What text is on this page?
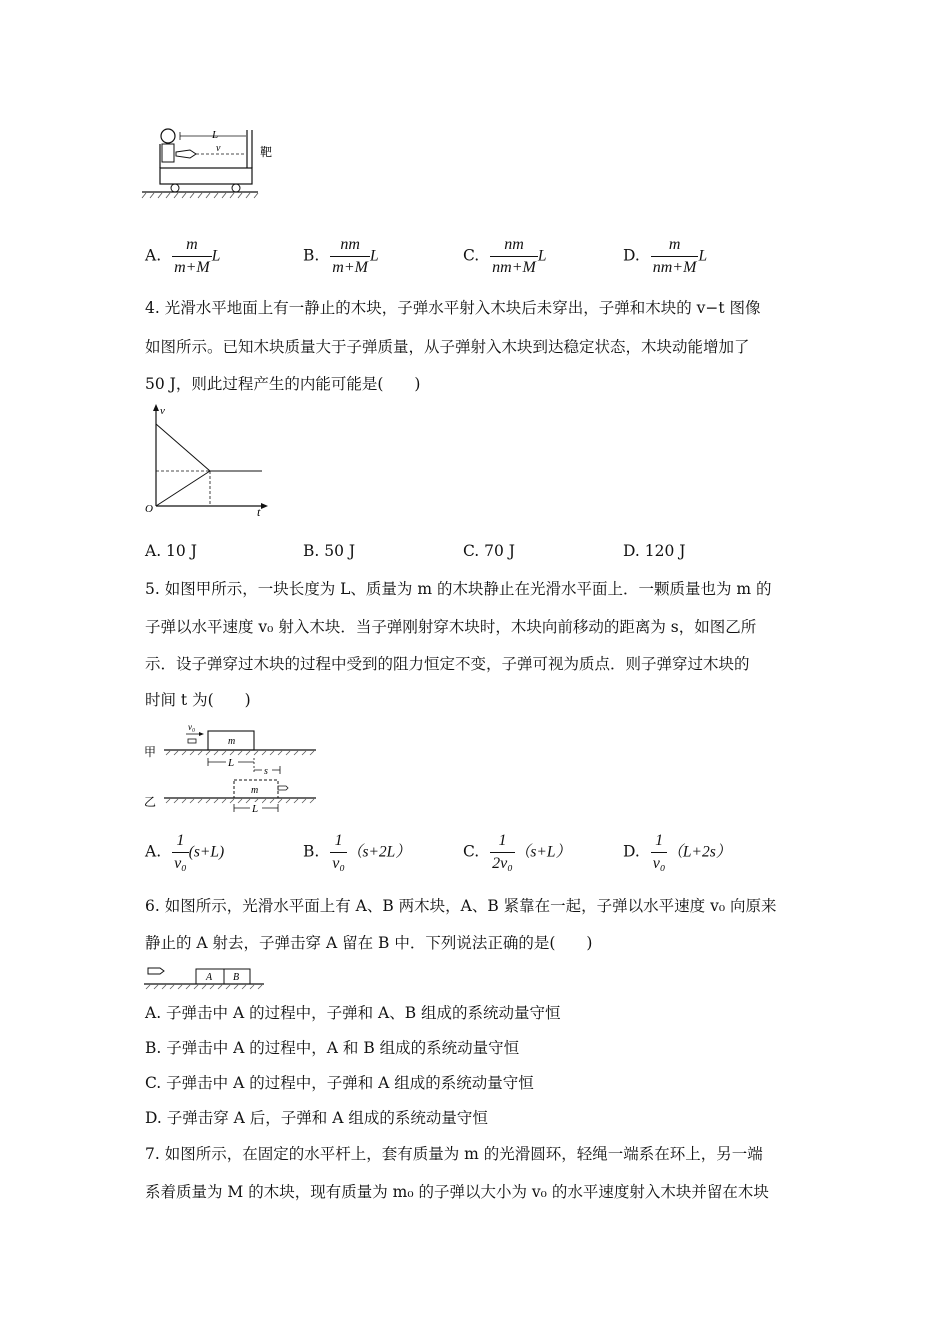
L
v	靶
A. $\frac{m}{m+M}$ L	B. $\frac{nm}{m+M}$ L	C. $\frac{nm}{nm+M}$ L	D. $\frac{m}{nm+M}$ L
4. 光滑水平地面上有一静止的木块，子弹水平射入木块后未穿出，子弹和木块的 v−t 图像
如图所示。已知木块质量大于子弹质量，从子弹射入木块到达稳定状态，木块动能增加了
50 J，则此过程产生的内能可能是(　　)
v
t
O
A. 10 J	B. 50 J	C. 70 J	D. 120 J
5. 如图甲所示，一块长度为 L、质量为 m 的木块静止在光滑水平面上．一颗质量也为 m 的
子弹以水平速度 v₀ 射入木块．当子弹刚射穿木块时，木块向前移动的距离为 s，如图乙所
示．设子弹穿过木块的过程中受到的阻力恒定不变，子弹可视为质点．则子弹穿过木块的
时间 t 为(　　)
甲
m
v₀
L
s
乙
m
L
A. $\frac{1}{\text{v₀}} (s+L)$	B. $\frac{1}{\text{v₀}} (s+2L)$	C. $\frac{1}{\text{2v₀}} (s+L)$	D. $\frac{1}{\text{v₀}} (L+2s)$
6. 如图所示，光滑水平面上有 A、B 两木块，A、B 紧靠在一起，子弹以水平速度 v₀ 向原来
静止的 A 射去，子弹击穿 A 留在 B 中．下列说法正确的是(　　)
A B
A. 子弹击中 A 的过程中，子弹和 A、B 组成的系统动量守恒
B. 子弹击中 A 的过程中，A 和 B 组成的系统动量守恒
C. 子弹击中 A 的过程中，子弹和 A 组成的系统动量守恒
D. 子弹击穿 A 后，子弹和 A 组成的系统动量守恒
7. 如图所示，在固定的水平杆上，套有质量为 m 的光滑圆环，轻绳一端系在环上，另一端
系着质量为 M 的木块，现有质量为 m₀ 的子弹以大小为 v₀ 的水平速度射入木块并留在木块
